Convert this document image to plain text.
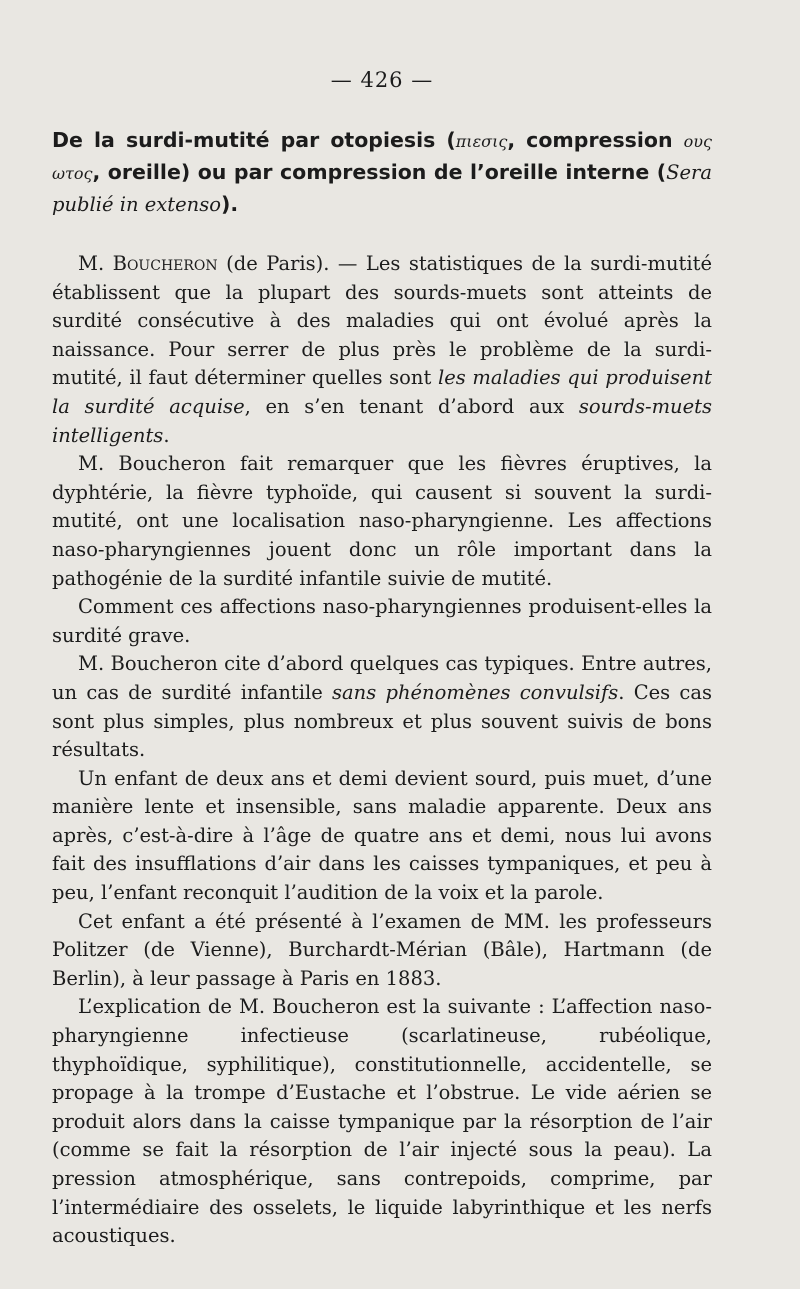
— 426 —

De la surdi-mutité par otopiesis (πιεσις, compression ους ωτος, oreille) ou par compression de l’oreille interne (Sera publié in extenso).

M. Boucheron (de Paris). — Les statistiques de la surdi-mutité établissent que la plupart des sourds-muets sont atteints de surdité consécutive à des maladies qui ont évolué après la naissance. Pour serrer de plus près le problème de la surdi-mutité, il faut déterminer quelles sont les maladies qui produisent la surdité acquise, en s’en tenant d’abord aux sourds-muets intelligents.

M. Boucheron fait remarquer que les fièvres éruptives, la dyphtérie, la fièvre typhoïde, qui causent si souvent la surdi-mutité, ont une localisation naso-pharyngienne. Les affections naso-pharyngiennes jouent donc un rôle important dans la pathogénie de la surdité infantile suivie de mutité.

Comment ces affections naso-pharyngiennes produisent-elles la surdité grave.

M. Boucheron cite d’abord quelques cas typiques. Entre autres, un cas de surdité infantile sans phénomènes convulsifs. Ces cas sont plus simples, plus nombreux et plus souvent suivis de bons résultats.

Un enfant de deux ans et demi devient sourd, puis muet, d’une manière lente et insensible, sans maladie apparente. Deux ans après, c’est-à-dire à l’âge de quatre ans et demi, nous lui avons fait des insufflations d’air dans les caisses tympaniques, et peu à peu, l’enfant reconquit l’audition de la voix et la parole.

Cet enfant a été présenté à l’examen de MM. les professeurs Politzer (de Vienne), Burchardt-Mérian (Bâle), Hartmann (de Berlin), à leur passage à Paris en 1883.

L’explication de M. Boucheron est la suivante : L’affection naso-pharyngienne infectieuse (scarlatineuse, rubéolique, thyphoïdique, syphilitique), constitutionnelle, accidentelle, se propage à la trompe d’Eustache et l’obstrue. Le vide aérien se produit alors dans la caisse tympanique par la résorption de l’air (comme se fait la résorption de l’air injecté sous la peau). La pression atmosphérique, sans contrepoids, comprime, par l’intermédiaire des osselets, le liquide labyrinthique et les nerfs acoustiques.
